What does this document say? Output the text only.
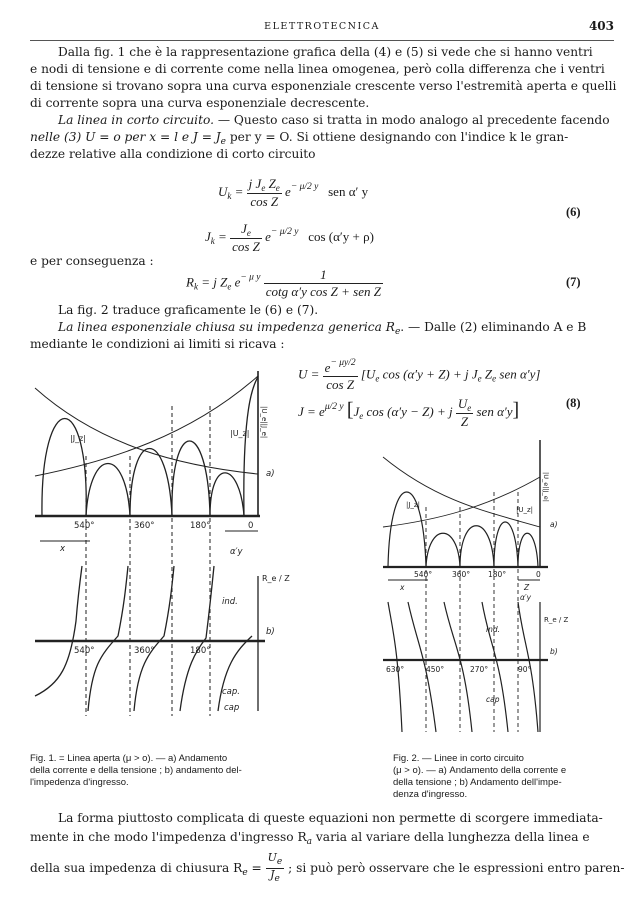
ELETTROTECNICA	403
Dalla fig. 1 che è la rappresentazione grafica della (4) e (5) si vede che si hanno ventri
e nodi di tensione e di corrente come nella linea omogenea, però colla differenza che i ventri
di tensione si trovano sopra una curva esponenziale crescente verso l'estremità aperta e quelli
di corrente sopra una curva esponenziale decrescente.
La linea in corto circuito. — Questo caso si tratta in modo analogo al precedente facendo
nelle (3) U = o per x = l e $J = J_e$ per y = O. Si ottiene designando con l'indice k le gran-
dezze relative alla condizione di corto circuito
$U_k = \frac{j J_e Z_e}{\text{cos Z}} e^{- \mu/2 y}$ sen α′ y
$J_k = \frac{J_e}{\text{cos Z}} e^{- \mu/2 y}$ cos (α′y + ρ)
(6)
e per conseguenza :
$R_k = j$ $Z_e$ $e^{- \mu y} \frac{1}{\text{cotg α′y cos Z + sen Z}}$	(7)
La fig. 2 traduce graficamente le (6) e (7).
La linea esponenziale chiusa su impedenza generica $R_e$. — Dalle (2) eliminando A e B
mediante le condizioni ai limiti si ricava :
$U = \frac{e^{- \mu y/2}}{\text{cos Z}} [U_e$ cos (α′y + Z) + j $J_e$ $Z_e$ sen α′y]
$J = e^{\mu/2 y}$ [$J_e$ cos (α′y − Z) + j $\frac{U_e}{Z}$ sen α′y]	(8)
|U_e||J_e|
|J_z|
|U_z|
a)
540°	360°	180°	0
x	α′y
R_e / Z
ind.
b)
540°	360°	180°
cap.
cap
Fig. 1. = Linea aperta (μ > o). — a) Andamento
della corrente e della tensione ; b) andamento del-
l'impedenza d'ingresso.
|U_e||J_e|
|J_z|
|U_z|
a)
540°	360° 180°	0
x	Z
α′y
R_e / Z
ind.
b)
630°	450°	270°	90°
cap
Fig. 2. — Linee in corto circuito
(μ > o). — a) Andamento della corrente e
della tensione ; b) Andamento dell'impe-
denza d'ingresso.
La forma piuttosto complicata di queste equazioni non permette di scorgere immediata-
mente in che modo l'impedenza d'ingresso $R_a$ varia al variare della lunghezza della linea e
della sua impedenza di chiusura $R_e = \frac{U_e}{J_e}$ ; si può però osservare che le espressioni entro paren-
